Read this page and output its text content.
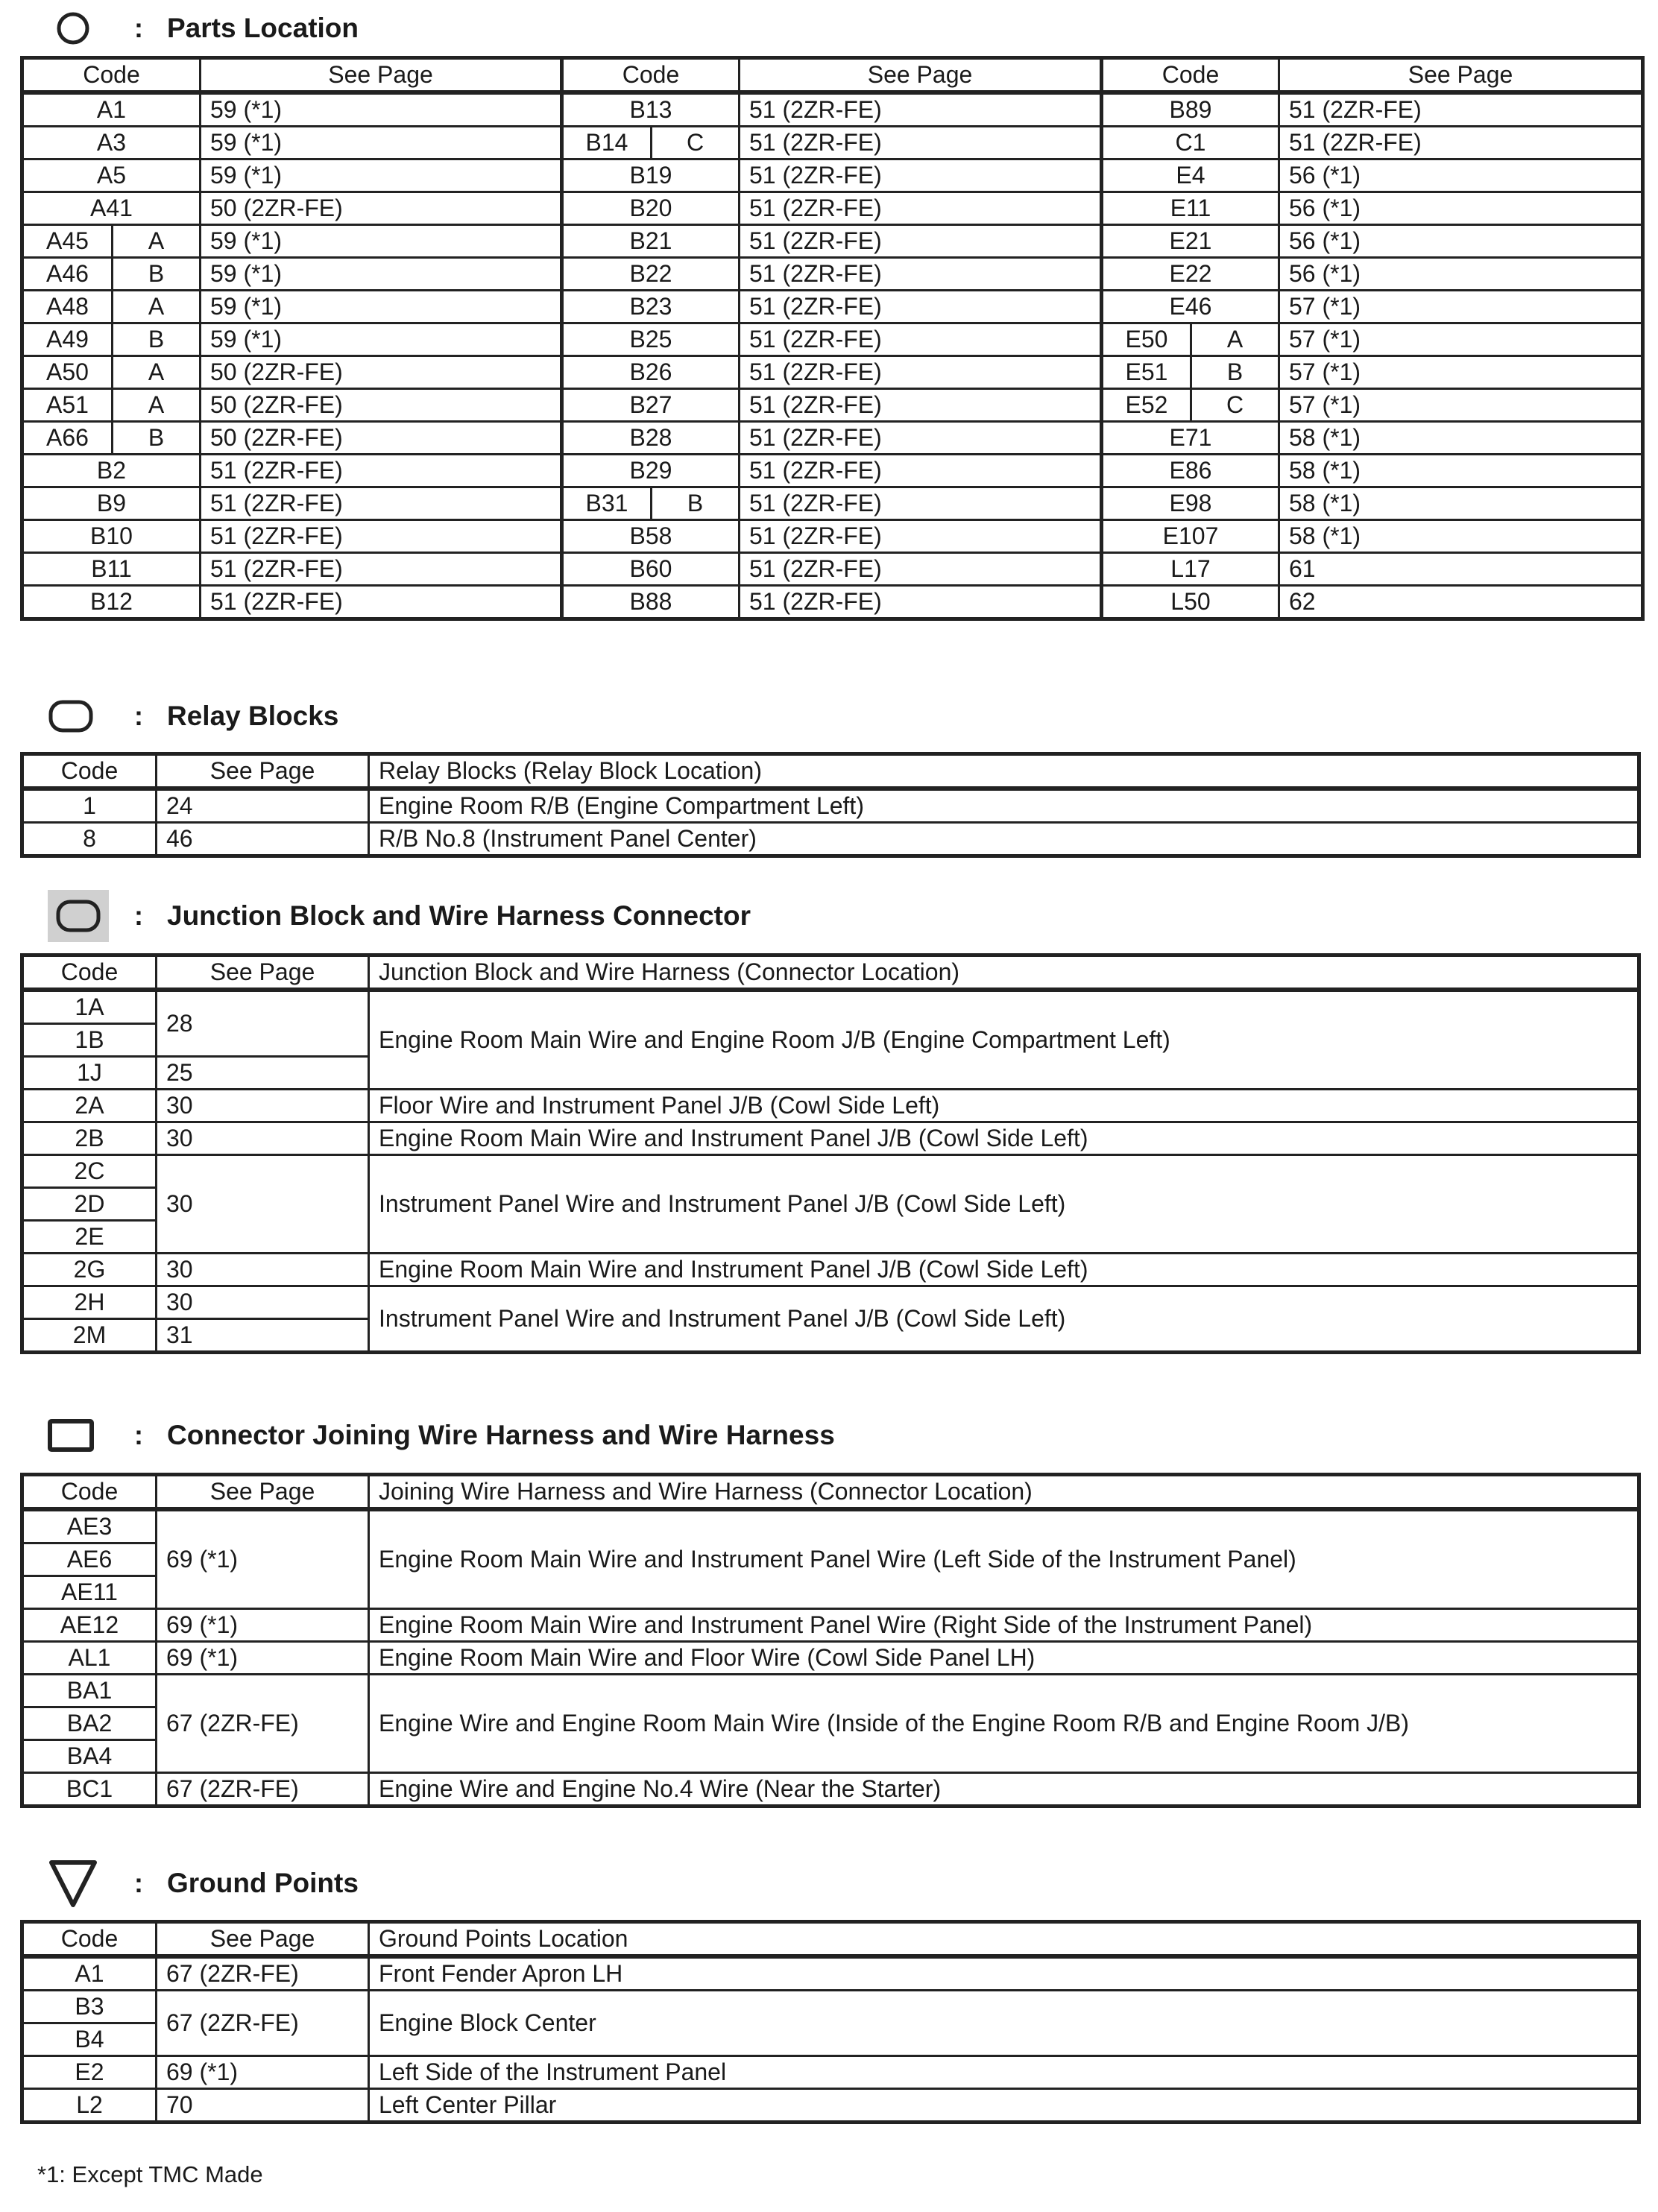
: Parts Location
Code		See Page	Code		See Page	Code		See Page
A1		59 (*1)	B13		51 (2ZR-FE)	B89		51 (2ZR-FE)
A3		59 (*1)	B14	C	51 (2ZR-FE)	C1		51 (2ZR-FE)
A5		59 (*1)	B19		51 (2ZR-FE)	E4		56 (*1)
A41		50 (2ZR-FE)	B20		51 (2ZR-FE)	E11		56 (*1)
A45	A	59 (*1)	B21		51 (2ZR-FE)	E21		56 (*1)
A46	B	59 (*1)	B22		51 (2ZR-FE)	E22		56 (*1)
A48	A	59 (*1)	B23		51 (2ZR-FE)	E46		57 (*1)
A49	B	59 (*1)	B25		51 (2ZR-FE)	E50	A	57 (*1)
A50	A	50 (2ZR-FE)	B26		51 (2ZR-FE)	E51	B	57 (*1)
A51	A	50 (2ZR-FE)	B27		51 (2ZR-FE)	E52	C	57 (*1)
A66	B	50 (2ZR-FE)	B28		51 (2ZR-FE)	E71		58 (*1)
B2		51 (2ZR-FE)	B29		51 (2ZR-FE)	E86		58 (*1)
B9		51 (2ZR-FE)	B31	B	51 (2ZR-FE)	E98		58 (*1)
B10		51 (2ZR-FE)	B58		51 (2ZR-FE)	E107		58 (*1)
B11		51 (2ZR-FE)	B60		51 (2ZR-FE)	L17		61
B12		51 (2ZR-FE)	B88		51 (2ZR-FE)	L50		62
: Relay Blocks
Code	See Page	Relay Blocks (Relay Block Location)
1	24	Engine Room R/B (Engine Compartment Left)
8	46	R/B No.8 (Instrument Panel Center)
: Junction Block and Wire Harness Connector
Code	See Page	Junction Block and Wire Harness (Connector Location)
1A	28	Engine Room Main Wire and Engine Room J/B (Engine Compartment Left)
1B		
1J	25	
2A	30	Floor Wire and Instrument Panel J/B (Cowl Side Left)
2B	30	Engine Room Main Wire and Instrument Panel J/B (Cowl Side Left)
2C	30	Instrument Panel Wire and Instrument Panel J/B (Cowl Side Left)
2D		
2E		
2G	30	Engine Room Main Wire and Instrument Panel J/B (Cowl Side Left)
2H	30	Instrument Panel Wire and Instrument Panel J/B (Cowl Side Left)
2M	31	
: Connector Joining Wire Harness and Wire Harness
Code	See Page	Joining Wire Harness and Wire Harness (Connector Location)
AE3	69 (*1)	Engine Room Main Wire and Instrument Panel Wire (Left Side of the Instrument Panel)
AE6		
AE11		
AE12	69 (*1)	Engine Room Main Wire and Instrument Panel Wire (Right Side of the Instrument Panel)
AL1	69 (*1)	Engine Room Main Wire and Floor Wire (Cowl Side Panel LH)
BA1	67 (2ZR-FE)	Engine Wire and Engine Room Main Wire (Inside of the Engine Room R/B and Engine Room J/B)
BA2		
BA4		
BC1	67 (2ZR-FE)	Engine Wire and Engine No.4 Wire (Near the Starter)
: Ground Points
Code	See Page	Ground Points Location
A1	67 (2ZR-FE)	Front Fender Apron LH
B3	67 (2ZR-FE)	Engine Block Center
B4		
E2	69 (*1)	Left Side of the Instrument Panel
L2	70	Left Center Pillar
*1: Except TMC Made
